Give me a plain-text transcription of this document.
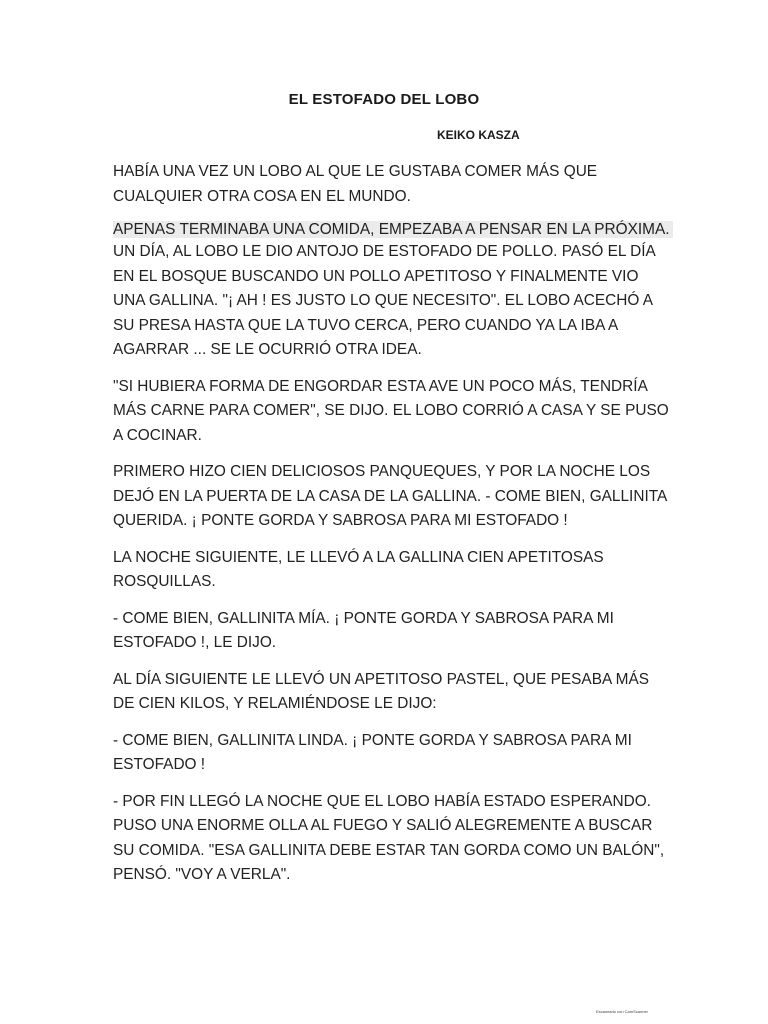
EL ESTOFADO DEL LOBO
KEIKO KASZA

HABÍA UNA VEZ UN LOBO AL QUE LE GUSTABA COMER MÁS QUE CUALQUIER OTRA COSA EN EL MUNDO.

APENAS TERMINABA UNA COMIDA, EMPEZABA A PENSAR EN LA PRÓXIMA.

UN DÍA, AL LOBO LE DIO ANTOJO DE ESTOFADO DE POLLO. PASÓ EL DÍA EN EL BOSQUE BUSCANDO UN POLLO APETITOSO Y FINALMENTE VIO UNA GALLINA. "¡ AH ! ES JUSTO LO QUE NECESITO". EL LOBO ACECHÓ A SU PRESA HASTA QUE LA TUVO CERCA, PERO CUANDO YA LA IBA A AGARRAR ... SE LE OCURRIÓ OTRA IDEA.

"SI HUBIERA FORMA DE ENGORDAR ESTA AVE UN POCO MÁS, TENDRÍA MÁS CARNE PARA COMER", SE DIJO. EL LOBO CORRIÓ A CASA Y SE PUSO A COCINAR.

PRIMERO HIZO CIEN DELICIOSOS PANQUEQUES, Y POR LA NOCHE LOS DEJÓ EN LA PUERTA DE LA CASA DE LA GALLINA. - COME BIEN, GALLINITA QUERIDA. ¡ PONTE GORDA Y SABROSA PARA MI ESTOFADO !

LA NOCHE SIGUIENTE, LE LLEVÓ A LA GALLINA CIEN APETITOSAS ROSQUILLAS.

- COME BIEN, GALLINITA MÍA. ¡ PONTE GORDA Y SABROSA PARA MI ESTOFADO !, LE DIJO.

AL DÍA SIGUIENTE LE LLEVÓ UN APETITOSO PASTEL, QUE PESABA MÁS DE CIEN KILOS, Y RELAMIÉNDOSE LE DIJO:

- COME BIEN, GALLINITA LINDA. ¡ PONTE GORDA Y SABROSA PARA MI ESTOFADO !

- POR FIN LLEGÓ LA NOCHE QUE EL LOBO HABÍA ESTADO ESPERANDO. PUSO UNA ENORME OLLA AL FUEGO Y SALIÓ ALEGREMENTE A BUSCAR SU COMIDA. "ESA GALLINITA DEBE ESTAR TAN GORDA COMO UN BALÓN", PENSÓ. "VOY A VERLA".

Escaneado con CamScanner
